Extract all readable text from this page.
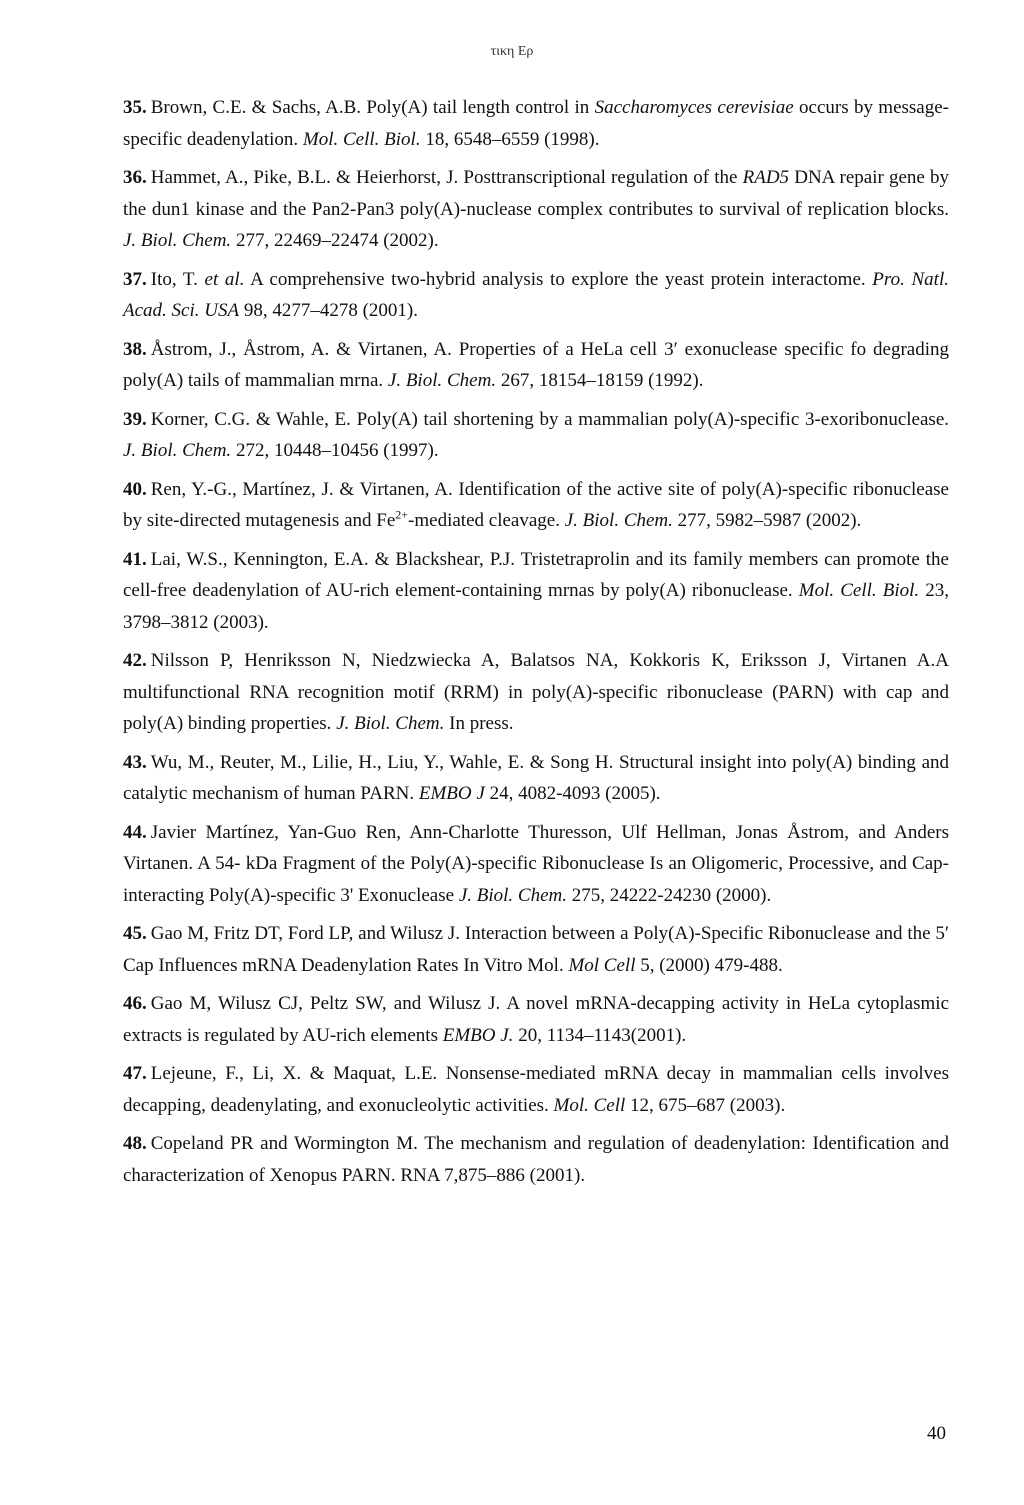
τικη Ερ
35. Brown, C.E. & Sachs, A.B. Poly(A) tail length control in Saccharomyces cerevisiae occurs by message-specific deadenylation. Mol. Cell. Biol. 18, 6548–6559 (1998).
36. Hammet, A., Pike, B.L. & Heierhorst, J. Posttranscriptional regulation of the RAD5 DNA repair gene by the dun1 kinase and the Pan2-Pan3 poly(A)-nuclease complex contributes to survival of replication blocks. J. Biol. Chem. 277, 22469–22474 (2002).
37. Ito, T. et al. A comprehensive two-hybrid analysis to explore the yeast protein interactome. Pro. Natl. Acad. Sci. USA 98, 4277–4278 (2001).
38. Åstrom, J., Åstrom, A. & Virtanen, A. Properties of a HeLa cell 3′ exonuclease specific fo degrading poly(A) tails of mammalian mrna. J. Biol. Chem. 267, 18154–18159 (1992).
39. Korner, C.G. & Wahle, E. Poly(A) tail shortening by a mammalian poly(A)-specific 3-exoribonuclease. J. Biol. Chem. 272, 10448–10456 (1997).
40. Ren, Y.-G., Martínez, J. & Virtanen, A. Identification of the active site of poly(A)-specific ribonuclease by site-directed mutagenesis and $Fe^{2+}$-mediated cleavage. J. Biol. Chem. 277, 5982–5987 (2002).
41. Lai, W.S., Kennington, E.A. & Blackshear, P.J. Tristetraprolin and its family members can promote the cell-free deadenylation of AU-rich element-containing mrnas by poly(A) ribonuclease. Mol. Cell. Biol. 23, 3798–3812 (2003).
42. Nilsson P, Henriksson N, Niedzwiecka A, Balatsos NA, Kokkoris K, Eriksson J, Virtanen A.A multifunctional RNA recognition motif (RRM) in poly(A)-specific ribonuclease (PARN) with cap and poly(A) binding properties. J. Biol. Chem. In press.
43. Wu, M., Reuter, M., Lilie, H., Liu, Y., Wahle, E. & Song H. Structural insight into poly(A) binding and catalytic mechanism of human PARN. EMBO J 24, 4082-4093 (2005).
44. Javier Martínez, Yan-Guo Ren, Ann-Charlotte Thuresson, Ulf Hellman, Jonas Åstrom, and Anders Virtanen. A 54- kDa Fragment of the Poly(A)-specific Ribonuclease Is an Oligomeric, Processive, and Cap-interacting Poly(A)-specific 3' Exonuclease J. Biol. Chem. 275, 24222-24230 (2000).
45. Gao M, Fritz DT, Ford LP, and Wilusz J. Interaction between a Poly(A)-Specific Ribonuclease and the 5′ Cap Influences mRNA Deadenylation Rates In Vitro Mol. Mol Cell 5, (2000) 479-488.
46. Gao M, Wilusz CJ, Peltz SW, and Wilusz J. A novel mRNA-decapping activity in HeLa cytoplasmic extracts is regulated by AU-rich elements EMBO J. 20, 1134–1143(2001).
47. Lejeune, F., Li, X. & Maquat, L.E. Nonsense-mediated mRNA decay in mammalian cells involves decapping, deadenylating, and exonucleolytic activities. Mol. Cell 12, 675–687 (2003).
48. Copeland PR and Wormington M. The mechanism and regulation of deadenylation: Identification and characterization of Xenopus PARN. RNA 7,875–886 (2001).
40
